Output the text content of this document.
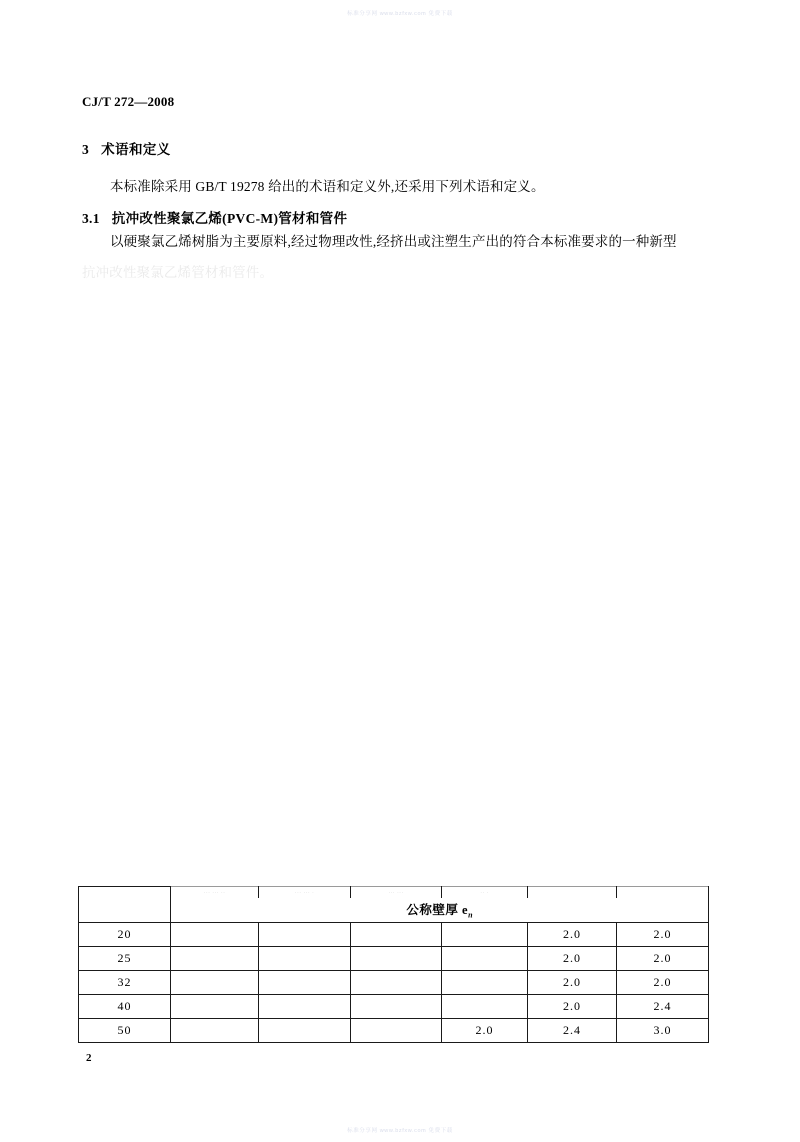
标准分享网 www.bzfxw.com 免费下载
CJ/T 272—2008
3 术语和定义

本标准除采用 GB/T 19278 给出的术语和定义外,还采用下列术语和定义。

3.1 抗冲改性聚氯乙烯(PVC-M)管材和管件

以硬聚氯乙烯树脂为主要原料,经过物理改性,经挤出或注塑生产出的符合本标准要求的一种新型

抗冲改性聚氯乙烯管材和管件。

	··· ··· ··	··· ··· ·	··· ···	·· ·		
	公称壁厚 $e_n$
20					2.0	2.0
25					2.0	2.0
32					2.0	2.0
40					2.0	2.4
50				2.0	2.4	3.0
2
标准分享网 www.bzfxw.com 免费下载
